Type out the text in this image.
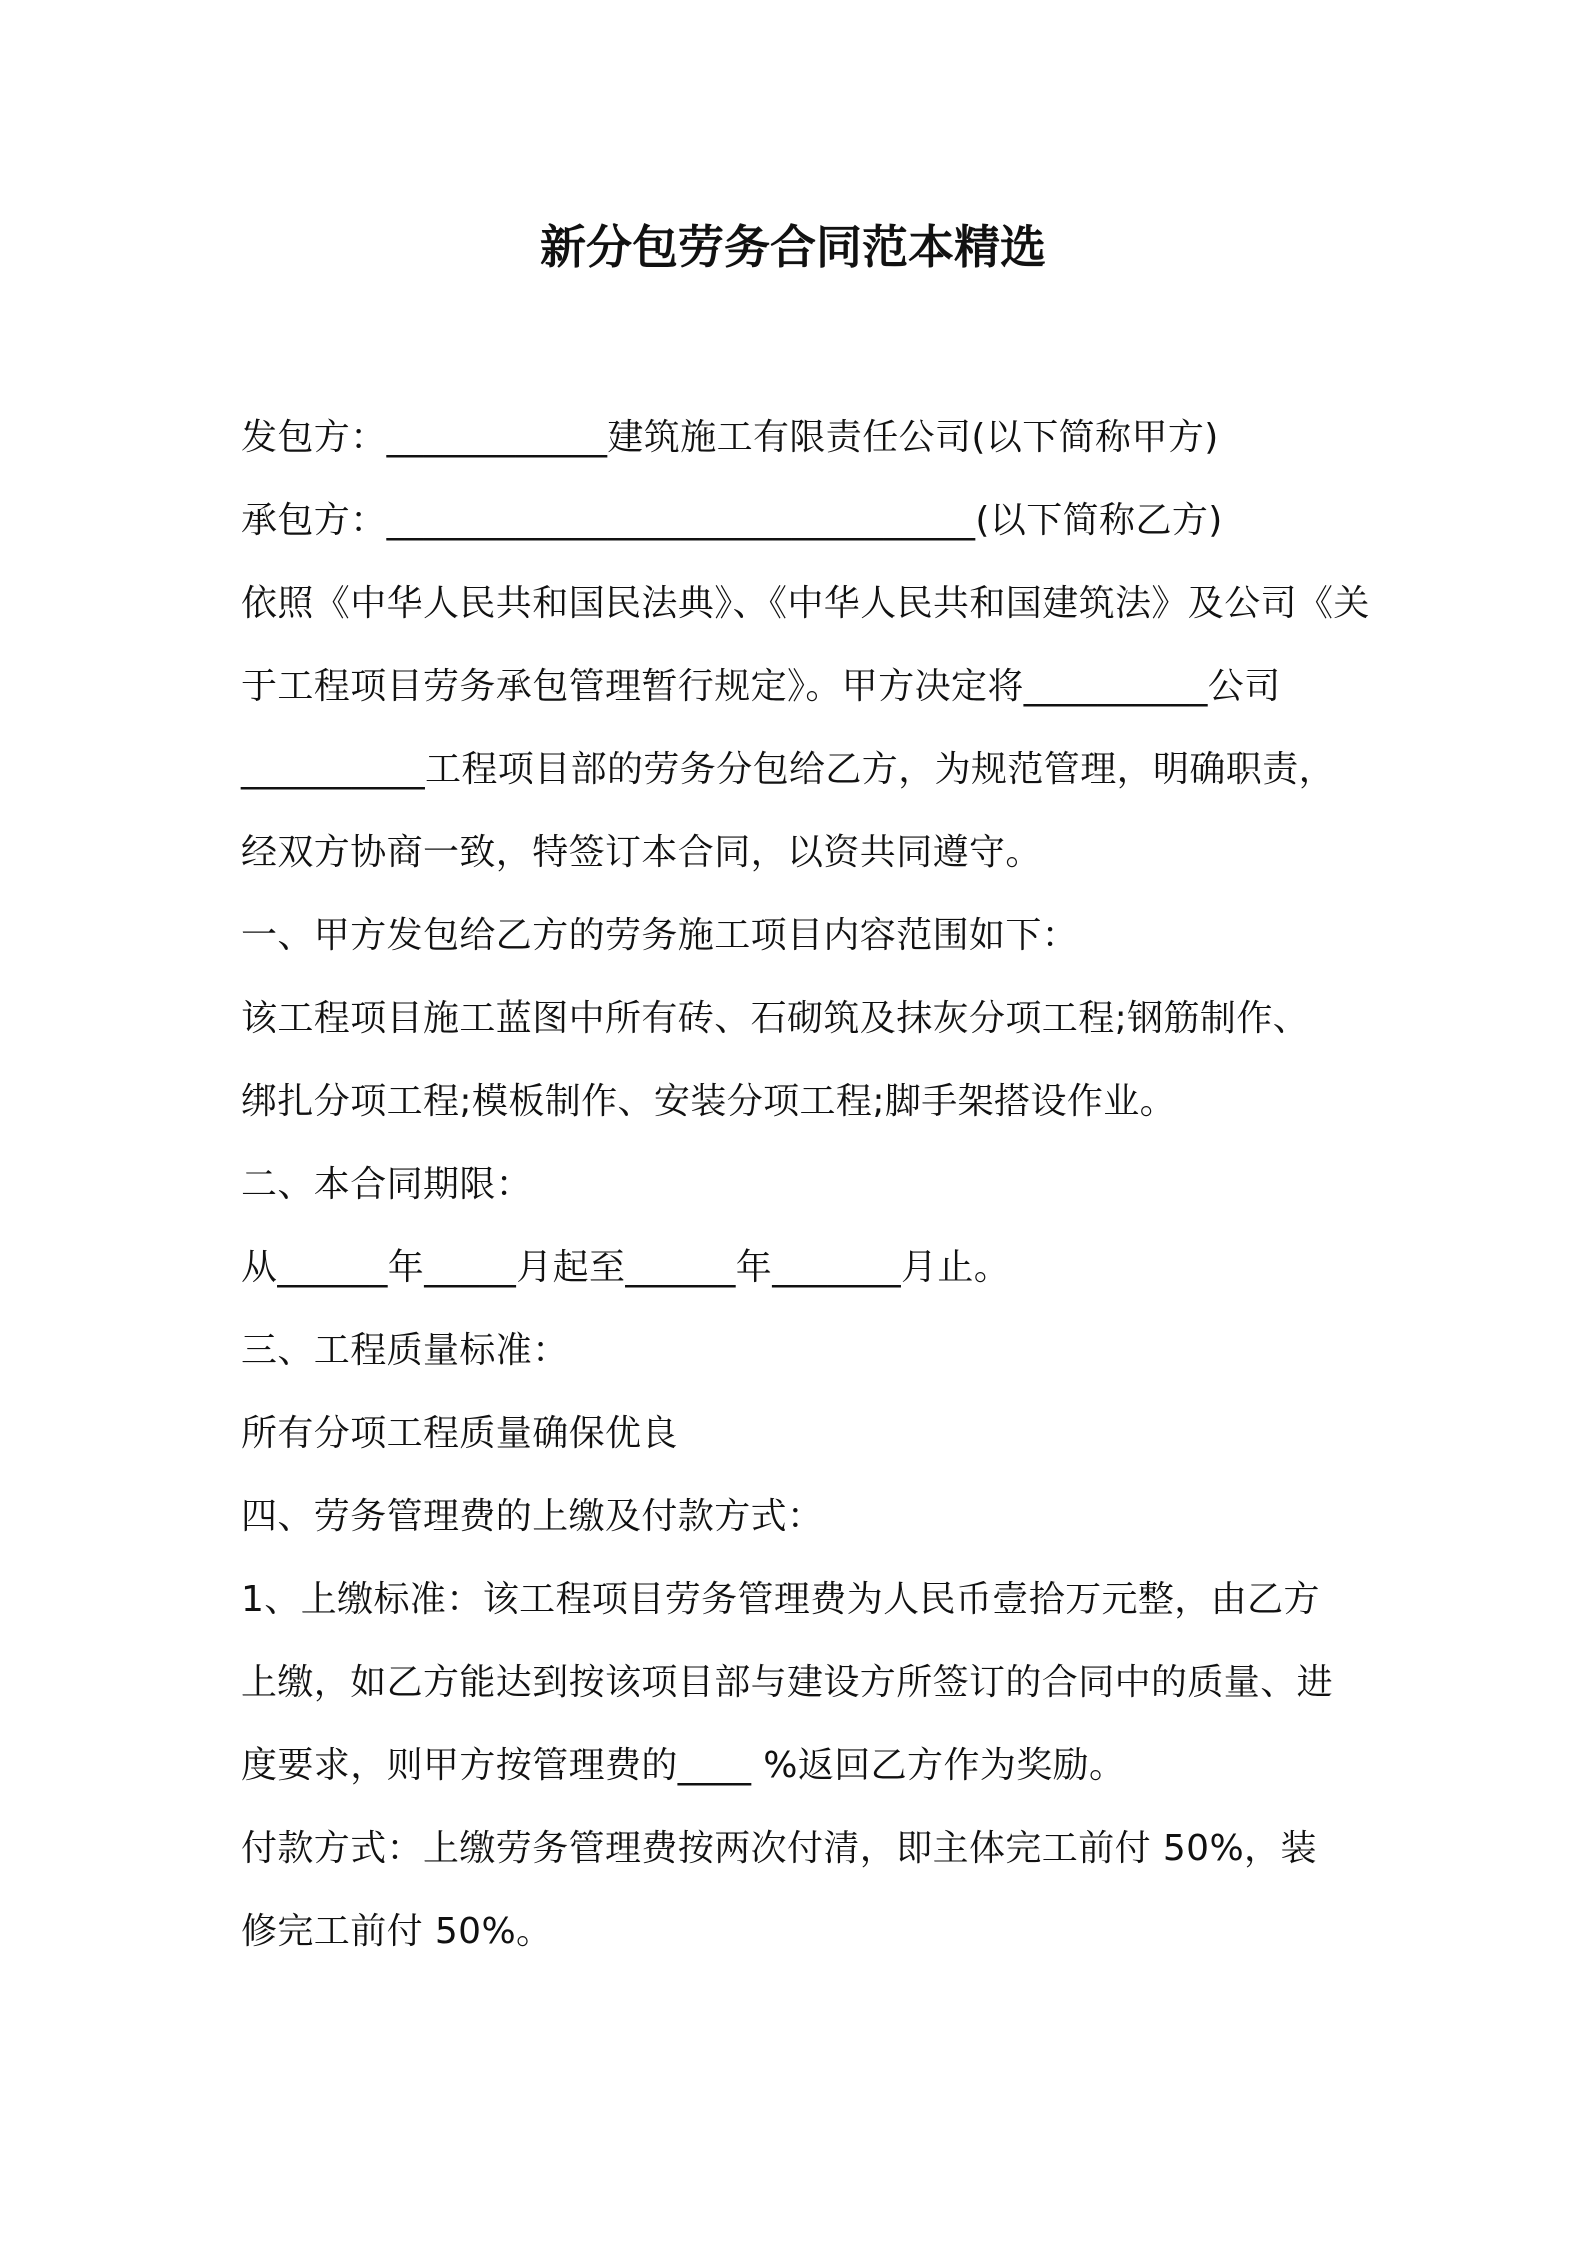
新分包劳务合同范本精选
发包方：____________建筑施工有限责任公司(以下简称甲方)
承包方：________________________________(以下简称乙方)
依照《中华人民共和国民法典》、《中华人民共和国建筑法》及公司《关
于工程项目劳务承包管理暂行规定》。甲方决定将__________公司
__________工程项目部的劳务分包给乙方，为规范管理，明确职责，
经双方协商一致，特签订本合同，以资共同遵守。
一、甲方发包给乙方的劳务施工项目内容范围如下：
该工程项目施工蓝图中所有砖、石砌筑及抹灰分项工程;钢筋制作、
绑扎分项工程;模板制作、安装分项工程;脚手架搭设作业。
二、本合同期限：
从______年_____月起至______年_______月止。
三、工程质量标准：
所有分项工程质量确保优良
四、劳务管理费的上缴及付款方式：
1、上缴标准：该工程项目劳务管理费为人民币壹拾万元整，由乙方
上缴，如乙方能达到按该项目部与建设方所签订的合同中的质量、进
度要求，则甲方按管理费的____ %返回乙方作为奖励。
付款方式：上缴劳务管理费按两次付清，即主体完工前付 50%，装
修完工前付 50%。
